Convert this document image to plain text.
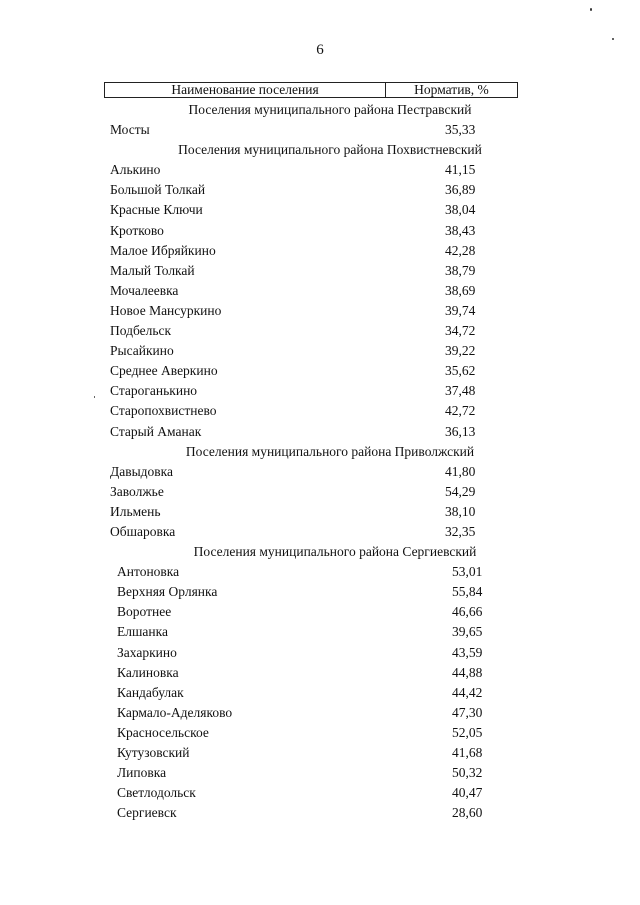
6
Наименование поселения	Норматив, %
Поселения муниципального района Пестравский
Мосты	35,33
Поселения муниципального района Похвистневский
Алькино	41,15
Большой Толкай	36,89
Красные Ключи	38,04
Кротково	38,43
Малое Ибряйкино	42,28
Малый Толкай	38,79
Мочалеевка	38,69
Новое Мансуркино	39,74
Подбельск	34,72
Рысайкино	39,22
Среднее Аверкино	35,62
Староганькино	37,48
Старопохвистнево	42,72
Старый Аманак	36,13
Поселения муниципального района Приволжский
Давыдовка	41,80
Заволжье	54,29
Ильмень	38,10
Обшаровка	32,35
Поселения муниципального района Сергиевский
Антоновка	53,01
Верхняя Орлянка	55,84
Воротнее	46,66
Елшанка	39,65
Захаркино	43,59
Калиновка	44,88
Кандабулак	44,42
Кармало-Аделяково	47,30
Красносельское	52,05
Кутузовский	41,68
Липовка	50,32
Светлодольск	40,47
Сергиевск	28,60
